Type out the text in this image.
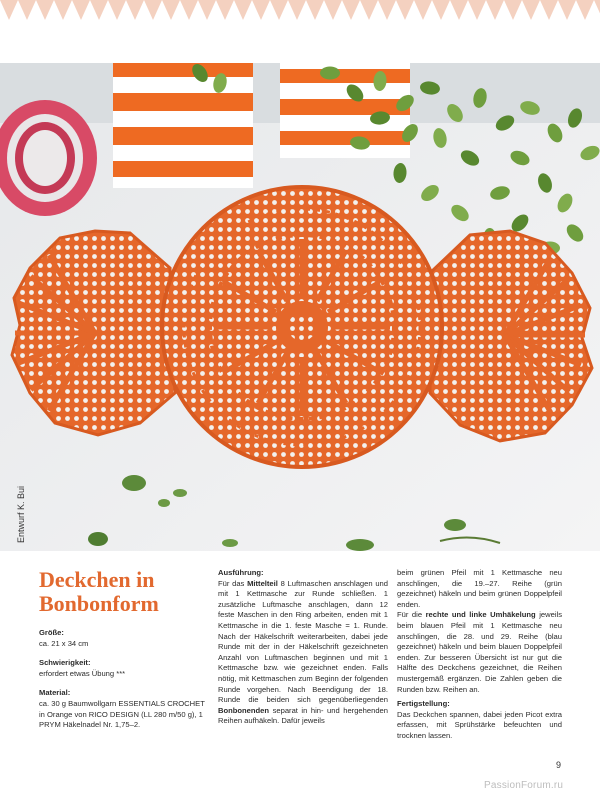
Entwurf K. Bui
Deckchen in
Bonbonform
Größe:

ca. 21 x 34 cm

Schwierigkeit:

erfordert etwas Übung ***

Material:

ca. 30 g Baumwollgarn ESSENTIALS CROCHET in Orange von RICO DESIGN (LL 280 m/50 g), 1 PRYM Häkelnadel Nr. 1,75–2.

Ausführung:

Für das Mittelteil 8 Luftmaschen anschlagen und mit 1 Kettmasche zur Runde schließen. 1 zusätzliche Luftmasche anschlagen, dann 12 feste Maschen in den Ring arbeiten, enden mit 1 Kettmasche in die 1. feste Masche = 1. Runde. Nach der Häkelschrift weiterarbeiten, dabei jede Runde mit der in der Häkelschrift gezeichneten Anzahl von Luftmaschen beginnen und mit 1 Kettmasche bzw. wie gezeichnet enden. Falls nötig, mit Kettmaschen zum Beginn der folgenden Runde vorgehen. Nach Beendigung der 18. Runde die beiden sich gegenüberliegenden Bonbonenden separat in hin- und hergehenden Reihen aufhäkeln. Dafür jeweils

beim grünen Pfeil mit 1 Kettmasche neu anschlingen, die 19.–27. Reihe (grün gezeichnet) häkeln und beim grünen Doppelpfeil enden.

Für die rechte und linke Umhäkelung jeweils beim blauen Pfeil mit 1 Kettmasche neu anschlingen, die 28. und 29. Reihe (blau gezeichnet) häkeln und beim blauen Doppelpfeil enden. Zur besseren Übersicht ist nur gut die Hälfte des Deckchens gezeichnet, die Reihen mustergemäß ergänzen. Die Zahlen geben die Runden bzw. Reihen an.

Fertigstellung:

Das Deckchen spannen, dabei jeden Picot extra erfassen, mit Sprühstärke befeuchten und trocknen lassen.

9
PassionForum.ru
